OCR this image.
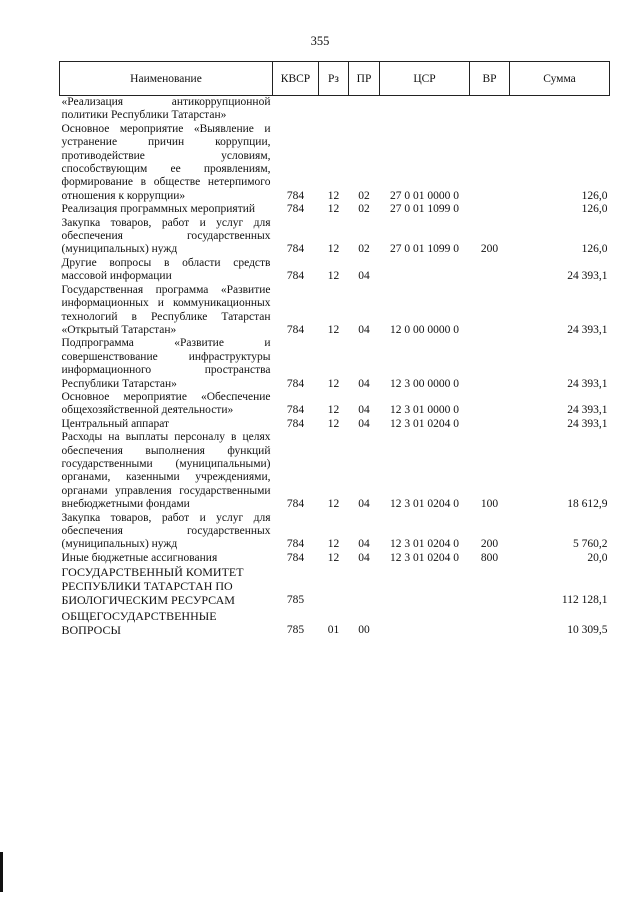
355
Наименование	КВСР	Рз	ПР	ЦСР	ВР	Сумма
«Реализация антикоррупционной политики Республики Татарстан»						
Основное мероприятие «Выявление и устранение причин коррупции, противодействие условиям, способствующим ее проявлениям, формирование в обществе нетерпимого отношения к коррупции»	784	12	02	27 0 01 0000 0		126,0
Реализация программных мероприятий	784	12	02	27 0 01 1099 0		126,0
Закупка товаров, работ и услуг для обеспечения государственных (муниципальных) нужд	784	12	02	27 0 01 1099 0	200	126,0
Другие вопросы в области средств массовой информации	784	12	04			24 393,1
Государственная программа «Развитие информационных и коммуникационных технологий в Республике Татарстан «Открытый Татарстан»	784	12	04	12 0 00 0000 0		24 393,1
Подпрограмма «Развитие и совершенствование инфраструктуры информационного пространства Республики Татарстан»	784	12	04	12 3 00 0000 0		24 393,1
Основное мероприятие «Обеспечение общехозяйственной деятельности»	784	12	04	12 3 01 0000 0		24 393,1
Центральный аппарат	784	12	04	12 3 01 0204 0		24 393,1
Расходы на выплаты персоналу в целях обеспечения выполнения функций государственными (муниципальными) органами, казенными учреждениями, органами управления государственными внебюджетными фондами	784	12	04	12 3 01 0204 0	100	18 612,9
Закупка товаров, работ и услуг для обеспечения государственных (муниципальных) нужд	784	12	04	12 3 01 0204 0	200	5 760,2
Иные бюджетные ассигнования	784	12	04	12 3 01 0204 0	800	20,0
ГОСУДАРСТВЕННЫЙ КОМИТЕТ РЕСПУБЛИКИ ТАТАРСТАН ПО БИОЛОГИЧЕСКИМ РЕСУРСАМ	785					112 128,1

ОБЩЕГОСУДАРСТВЕННЫЕ ВОПРОСЫ	785	01	00			10 309,5
